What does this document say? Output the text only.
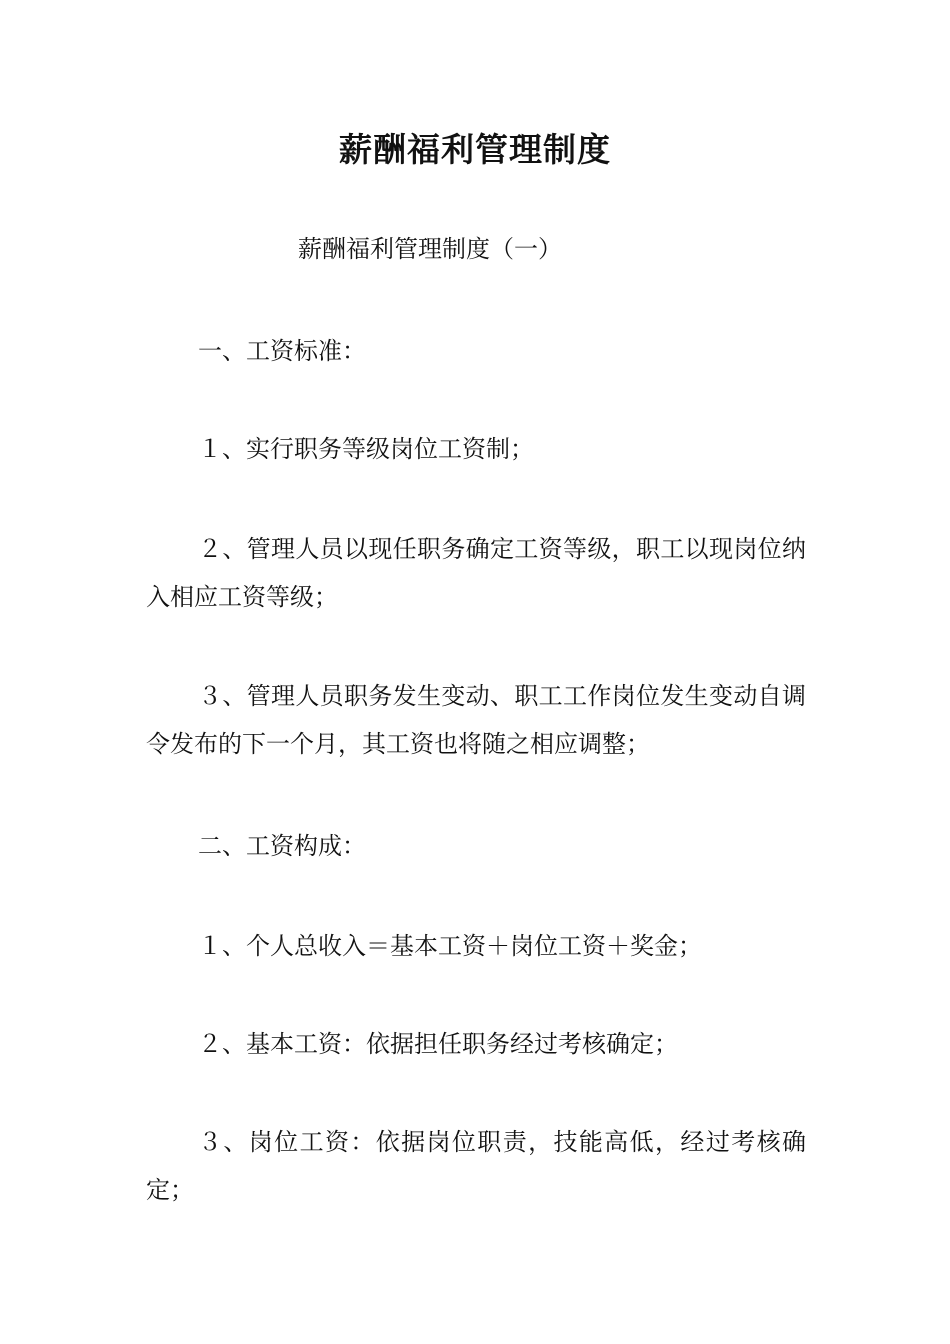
薪酬福利管理制度
薪酬福利管理制度（一）
一、工资标准：
１、实行职务等级岗位工资制；
２、管理人员以现任职务确定工资等级，职工以现岗位纳入相应工资等级；
３、管理人员职务发生变动、职工工作岗位发生变动自调令发布的下一个月，其工资也将随之相应调整；
二、工资构成：
１、个人总收入＝基本工资＋岗位工资＋奖金；
２、基本工资：依据担任职务经过考核确定；
３、岗位工资：依据岗位职责，技能高低，经过考核确定；
